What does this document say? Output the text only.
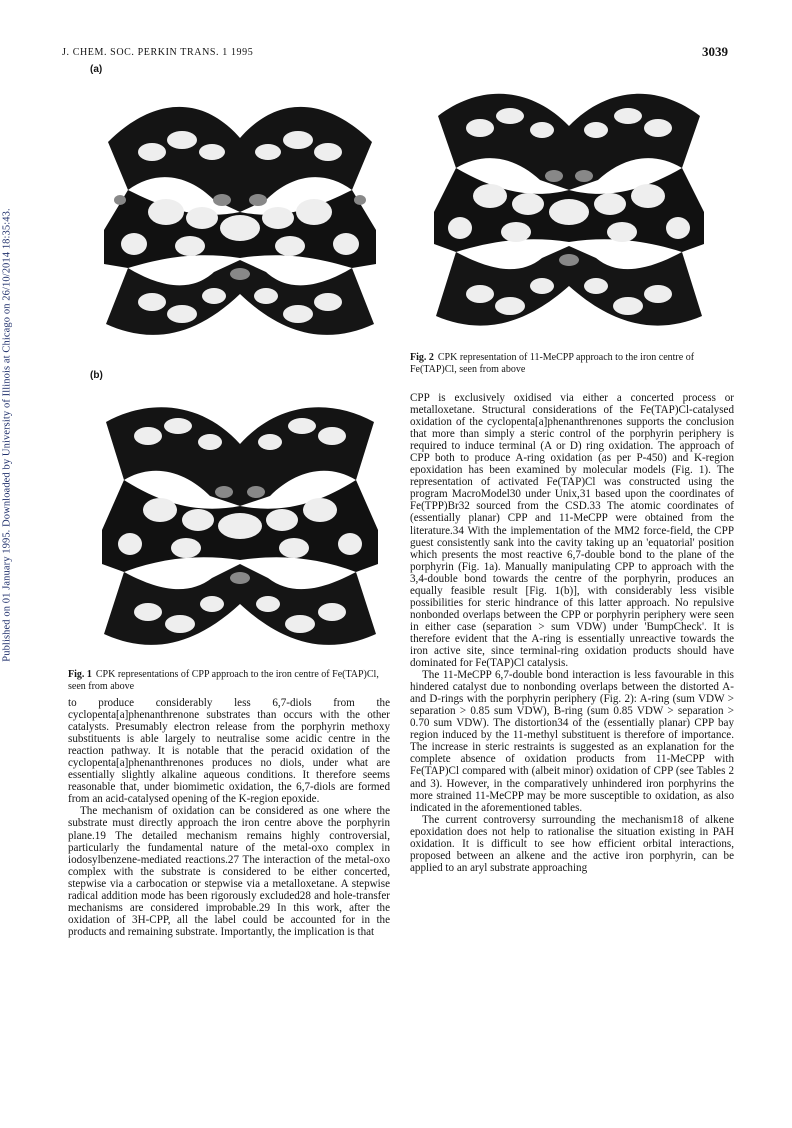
Published on 01 January 1995. Downloaded by University of Illinois at Chicago on 26/10/2014 18:35:43.
J. CHEM. SOC. PERKIN TRANS. 1 1995	3039
(a)
(b)
Fig. 1 CPK representations of CPP approach to the iron centre of Fe(TAP)Cl, seen from above
Fig. 2 CPK representation of 11-MeCPP approach to the iron centre of Fe(TAP)Cl, seen from above

to produce considerably less 6,7-diols from the cyclopenta[a]phenanthrenone substrates than occurs with the other catalysts. Presumably electron release from the porphyrin methoxy substituents is able largely to neutralise some acidic centre in the reaction pathway. It is notable that the peracid oxidation of the cyclopenta[a]phenanthrenones produces no diols, under what are essentially slightly alkaline aqueous conditions. It therefore seems reasonable that, under biomimetic oxidation, the 6,7-diols are formed from an acid-catalysed opening of the K-region epoxide.

The mechanism of oxidation can be considered as one where the substrate must directly approach the iron centre above the porphyrin plane.19 The detailed mechanism remains highly controversial, particularly the fundamental nature of the metal-oxo complex in iodosylbenzene-mediated reactions.27 The interaction of the metal-oxo complex with the substrate is considered to be either concerted, stepwise via a carbocation or stepwise via a metalloxetane. A stepwise radical addition mode has been rigorously excluded28 and hole-transfer mechanisms are considered improbable.29 In this work, after the oxidation of 3H-CPP, all the label could be accounted for in the products and remaining substrate. Importantly, the implication is that

CPP is exclusively oxidised via either a concerted process or metalloxetane. Structural considerations of the Fe(TAP)Cl-catalysed oxidation of the cyclopenta[a]phenanthrenones supports the conclusion that more than simply a steric control of the porphyrin periphery is required to induce terminal (A or D) ring oxidation. The approach of CPP both to produce A-ring oxidation (as per P-450) and K-region epoxidation has been examined by molecular models (Fig. 1). The representation of activated Fe(TAP)Cl was constructed using the program MacroModel30 under Unix,31 based upon the coordinates of Fe(TPP)Br32 sourced from the CSD.33 The atomic coordinates of (essentially planar) CPP and 11-MeCPP were obtained from the literature.34 With the implementation of the MM2 force-field, the CPP guest consistently sank into the cavity taking up an 'equatorial' position which presents the most reactive 6,7-double bond to the plane of the porphyrin (Fig. 1a). Manually manipulating CPP to approach with the 3,4-double bond towards the centre of the porphyrin, produces an equally feasible result [Fig. 1(b)], with considerably less visible possibilities for steric hindrance of this latter approach. No repulsive nonbonded overlaps between the CPP or porphyrin periphery were seen in either case (separation > sum VDW) under 'BumpCheck'. It is therefore evident that the A-ring is essentially unreactive towards the iron active site, since terminal-ring oxidation products should have dominated for Fe(TAP)Cl catalysis.

The 11-MeCPP 6,7-double bond interaction is less favourable in this hindered catalyst due to nonbonding overlaps between the distorted A- and D-rings with the porphyrin periphery (Fig. 2): A-ring (sum VDW > separation > 0.85 sum VDW), B-ring (sum 0.85 VDW > separation > 0.70 sum VDW). The distortion34 of the (essentially planar) CPP bay region induced by the 11-methyl substituent is therefore of importance. The increase in steric restraints is suggested as an explanation for the complete absence of oxidation products from 11-MeCPP with Fe(TAP)Cl compared with (albeit minor) oxidation of CPP (see Tables 2 and 3). However, in the comparatively unhindered iron porphyrins the more strained 11-MeCPP may be more susceptible to oxidation, as also indicated in the aforementioned tables.

The current controversy surrounding the mechanism18 of alkene epoxidation does not help to rationalise the situation existing in PAH oxidation. It is difficult to see how efficient orbital interactions, proposed between an alkene and the active iron porphyrin, can be applied to an aryl substrate approaching
